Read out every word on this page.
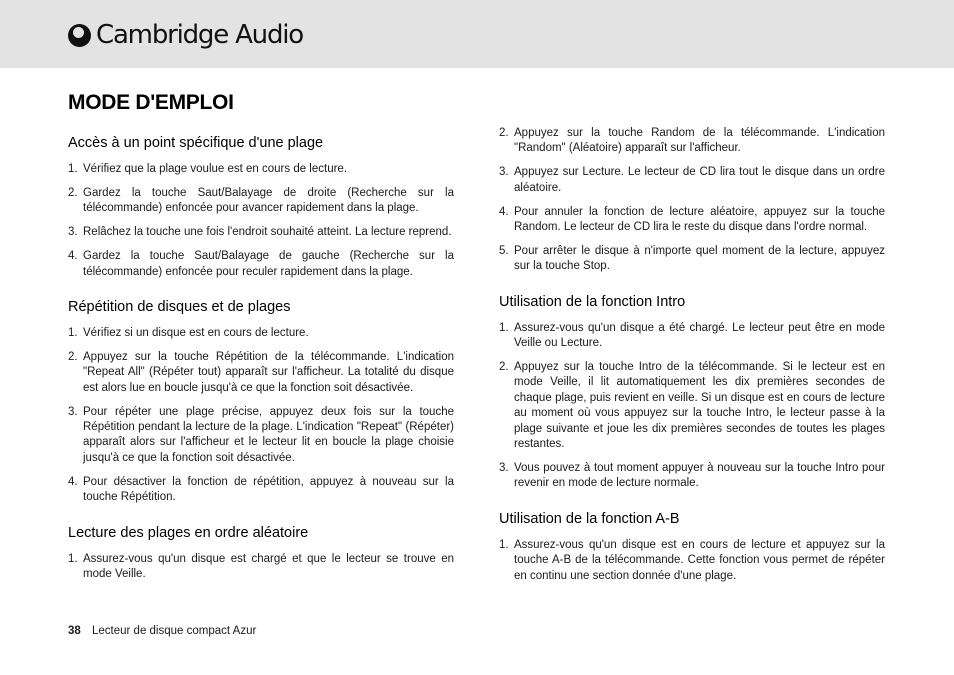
Cambridge Audio
MODE D'EMPLOI
Accès à un point spécifique d'une plage
1. Vérifiez que la plage voulue est en cours de lecture.
2. Gardez la touche Saut/Balayage de droite (Recherche sur la télécommande) enfoncée pour avancer rapidement dans la plage.
3. Relâchez la touche une fois l'endroit souhaité atteint. La lecture reprend.
4. Gardez la touche Saut/Balayage de gauche (Recherche sur la télécommande) enfoncée pour reculer rapidement dans la plage.
Répétition de disques et de plages
1. Vérifiez si un disque est en cours de lecture.
2. Appuyez sur la touche Répétition de la télécommande. L'indication "Repeat All" (Répéter tout) apparaît sur l'afficheur. La totalité du disque est alors lue en boucle jusqu'à ce que la fonction soit désactivée.
3. Pour répéter une plage précise, appuyez deux fois sur la touche Répétition pendant la lecture de la plage. L'indication "Repeat" (Répéter) apparaît alors sur l'afficheur et le lecteur lit en boucle la plage choisie jusqu'à ce que la fonction soit désactivée.
4. Pour désactiver la fonction de répétition, appuyez à nouveau sur la touche Répétition.
Lecture des plages en ordre aléatoire
1. Assurez-vous qu'un disque est chargé et que le lecteur se trouve en mode Veille.
2. Appuyez sur la touche Random de la télécommande. L'indication "Random" (Aléatoire) apparaît sur l'afficheur.
3. Appuyez sur Lecture. Le lecteur de CD lira tout le disque dans un ordre aléatoire.
4. Pour annuler la fonction de lecture aléatoire, appuyez sur la touche Random. Le lecteur de CD lira le reste du disque dans l'ordre normal.
5. Pour arrêter le disque à n'importe quel moment de la lecture, appuyez sur la touche Stop.
Utilisation de la fonction Intro
1. Assurez-vous qu'un disque a été chargé. Le lecteur peut être en mode Veille ou Lecture.
2. Appuyez sur la touche Intro de la télécommande. Si le lecteur est en mode Veille, il lit automatiquement les dix premières secondes de chaque plage, puis revient en veille. Si un disque est en cours de lecture au moment où vous appuyez sur la touche Intro, le lecteur passe à la plage suivante et joue les dix premières secondes de toutes les plages restantes.
3. Vous pouvez à tout moment appuyer à nouveau sur la touche Intro pour revenir en mode de lecture normale.
Utilisation de la fonction A-B
1. Assurez-vous qu'un disque est en cours de lecture et appuyez sur la touche A-B de la télécommande. Cette fonction vous permet de répéter en continu une section donnée d'une plage.
38 Lecteur de disque compact Azur
